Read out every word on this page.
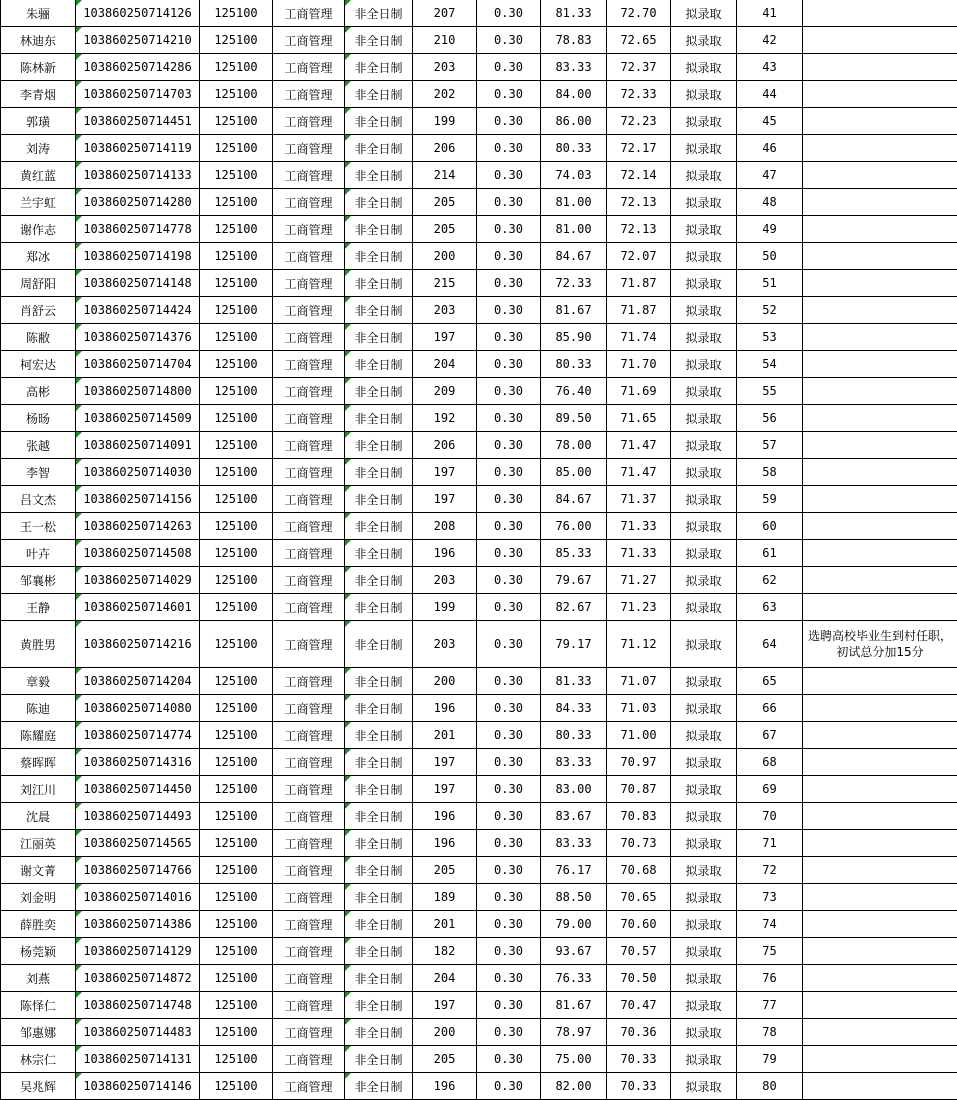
朱骊	103860250714126	125100	工商管理	非全日制	207	0.30	81.33	72.70	拟录取	41	
林迪东	103860250714210	125100	工商管理	非全日制	210	0.30	78.83	72.65	拟录取	42	
陈林新	103860250714286	125100	工商管理	非全日制	203	0.30	83.33	72.37	拟录取	43	
李青烟	103860250714703	125100	工商管理	非全日制	202	0.30	84.00	72.33	拟录取	44	
郭璜	103860250714451	125100	工商管理	非全日制	199	0.30	86.00	72.23	拟录取	45	
刘涛	103860250714119	125100	工商管理	非全日制	206	0.30	80.33	72.17	拟录取	46	
黄红蓝	103860250714133	125100	工商管理	非全日制	214	0.30	74.03	72.14	拟录取	47	
兰宇虹	103860250714280	125100	工商管理	非全日制	205	0.30	81.00	72.13	拟录取	48	
谢作志	103860250714778	125100	工商管理	非全日制	205	0.30	81.00	72.13	拟录取	49	
郑冰	103860250714198	125100	工商管理	非全日制	200	0.30	84.67	72.07	拟录取	50	
周舒阳	103860250714148	125100	工商管理	非全日制	215	0.30	72.33	71.87	拟录取	51	
肖舒云	103860250714424	125100	工商管理	非全日制	203	0.30	81.67	71.87	拟录取	52	
陈敝	103860250714376	125100	工商管理	非全日制	197	0.30	85.90	71.74	拟录取	53	
柯宏达	103860250714704	125100	工商管理	非全日制	204	0.30	80.33	71.70	拟录取	54	
高彬	103860250714800	125100	工商管理	非全日制	209	0.30	76.40	71.69	拟录取	55	
杨旸	103860250714509	125100	工商管理	非全日制	192	0.30	89.50	71.65	拟录取	56	
张越	103860250714091	125100	工商管理	非全日制	206	0.30	78.00	71.47	拟录取	57	
李智	103860250714030	125100	工商管理	非全日制	197	0.30	85.00	71.47	拟录取	58	
吕文杰	103860250714156	125100	工商管理	非全日制	197	0.30	84.67	71.37	拟录取	59	
王一松	103860250714263	125100	工商管理	非全日制	208	0.30	76.00	71.33	拟录取	60	
叶卉	103860250714508	125100	工商管理	非全日制	196	0.30	85.33	71.33	拟录取	61	
邹襄彬	103860250714029	125100	工商管理	非全日制	203	0.30	79.67	71.27	拟录取	62	
王静	103860250714601	125100	工商管理	非全日制	199	0.30	82.67	71.23	拟录取	63	
黄胜男	103860250714216	125100	工商管理	非全日制	203	0.30	79.17	71.12	拟录取	64	选聘高校毕业生到村任职，初试总分加15分
章毅	103860250714204	125100	工商管理	非全日制	200	0.30	81.33	71.07	拟录取	65	
陈迪	103860250714080	125100	工商管理	非全日制	196	0.30	84.33	71.03	拟录取	66	
陈耀庭	103860250714774	125100	工商管理	非全日制	201	0.30	80.33	71.00	拟录取	67	
蔡晖晖	103860250714316	125100	工商管理	非全日制	197	0.30	83.33	70.97	拟录取	68	
刘江川	103860250714450	125100	工商管理	非全日制	197	0.30	83.00	70.87	拟录取	69	
沈晨	103860250714493	125100	工商管理	非全日制	196	0.30	83.67	70.83	拟录取	70	
江丽英	103860250714565	125100	工商管理	非全日制	196	0.30	83.33	70.73	拟录取	71	
谢文菁	103860250714766	125100	工商管理	非全日制	205	0.30	76.17	70.68	拟录取	72	
刘金明	103860250714016	125100	工商管理	非全日制	189	0.30	88.50	70.65	拟录取	73	
薛胜奕	103860250714386	125100	工商管理	非全日制	201	0.30	79.00	70.60	拟录取	74	
杨莞颖	103860250714129	125100	工商管理	非全日制	182	0.30	93.67	70.57	拟录取	75	
刘燕	103860250714872	125100	工商管理	非全日制	204	0.30	76.33	70.50	拟录取	76	
陈怿仁	103860250714748	125100	工商管理	非全日制	197	0.30	81.67	70.47	拟录取	77	
邹惠娜	103860250714483	125100	工商管理	非全日制	200	0.30	78.97	70.36	拟录取	78	
林宗仁	103860250714131	125100	工商管理	非全日制	205	0.30	75.00	70.33	拟录取	79	
吴兆辉	103860250714146	125100	工商管理	非全日制	196	0.30	82.00	70.33	拟录取	80	
